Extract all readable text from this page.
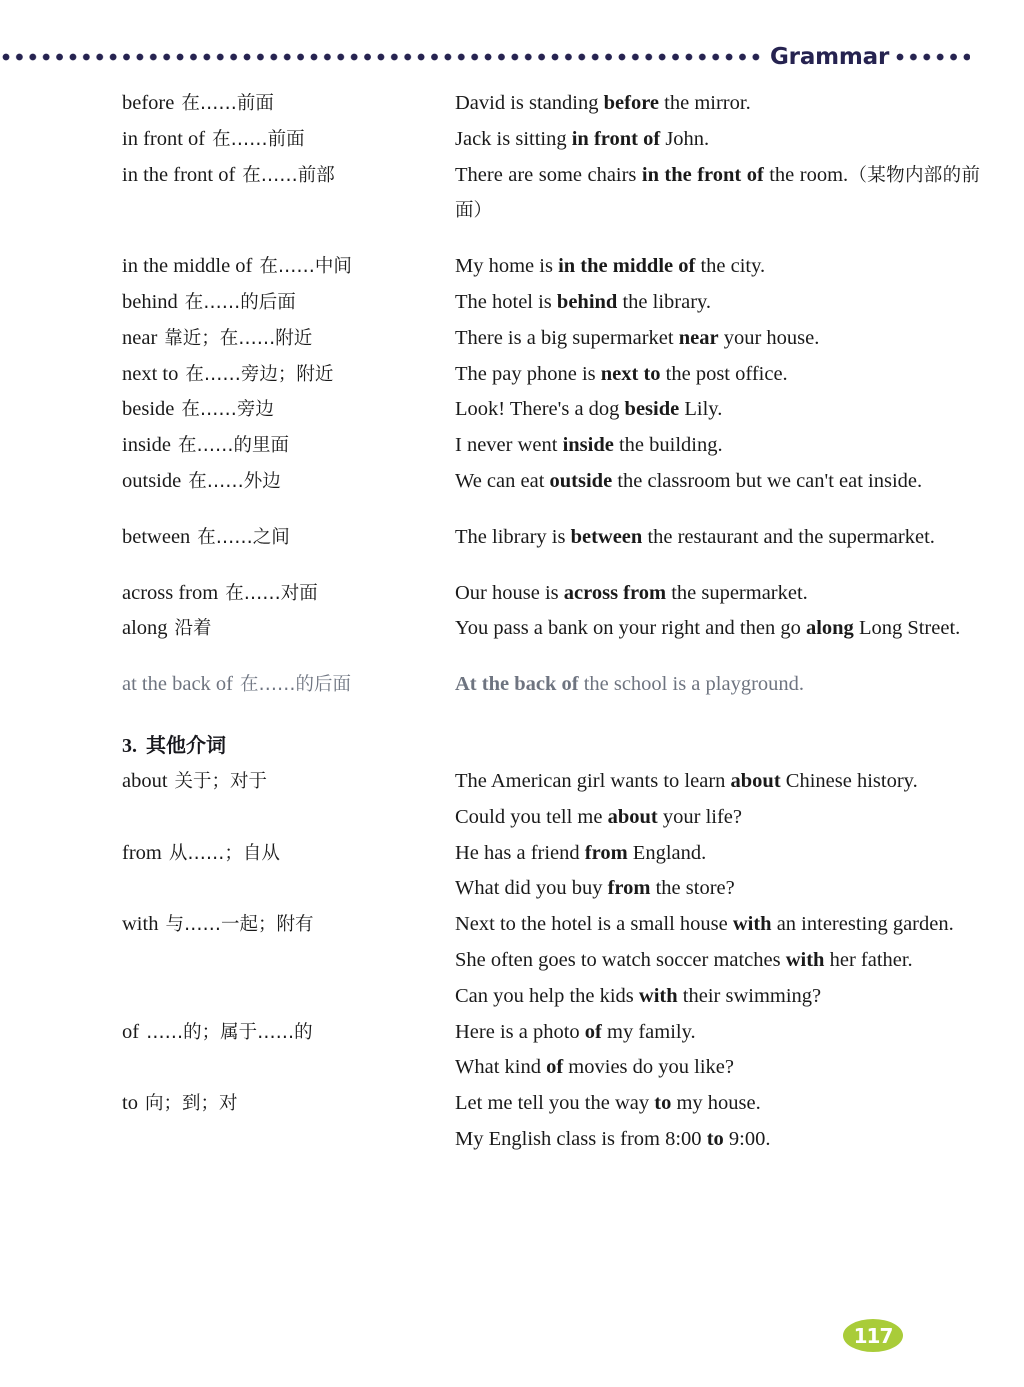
Grammar
before 在……前面	David is standing before the mirror.
in front of 在……前面	Jack is sitting in front of John.
in the front of 在……前部	There are some chairs in the front of the room.（某物内部的前面）
in the middle of 在……中间	My home is in the middle of the city.
behind 在……的后面	The hotel is behind the library.
near 靠近；在……附近	There is a big supermarket near your house.
next to 在……旁边；附近	The pay phone is next to the post office.
beside 在……旁边	Look! There's a dog beside Lily.
inside 在……的里面	I never went inside the building.
outside 在……外边	We can eat outside the classroom but we can't eat inside.
between 在……之间	The library is between the restaurant and the supermarket.
across from 在……对面	Our house is across from the supermarket.
along 沿着	You pass a bank on your right and then go along Long Street.
at the back of 在……的后面	At the back of the school is a playground.
3. 其他介词
about 关于；对于	The American girl wants to learn about Chinese history.
Could you tell me about your life?
from 从……；自从	He has a friend from England.
What did you buy from the store?
with 与……一起；附有	Next to the hotel is a small house with an interesting garden.
She often goes to watch soccer matches with her father.
Can you help the kids with their swimming?
of ……的；属于……的	Here is a photo of my family.
What kind of movies do you like?
to 向；到；对	Let me tell you the way to my house.
My English class is from 8:00 to 9:00.
117
